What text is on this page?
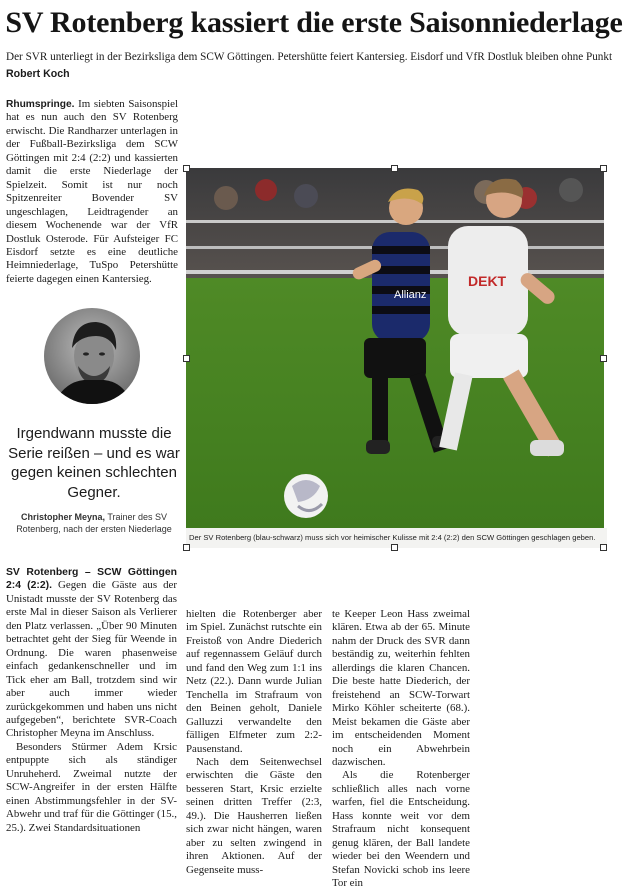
SV Rotenberg kassiert die erste Saisonniederlage
Der SVR unterliegt in der Bezirksliga dem SCW Göttingen. Petershütte feiert Kantersieg. Eisdorf und VfR Dostluk bleiben ohne Punkt
Robert Koch

Rhumspringe. Im siebten Saisonspiel hat es nun auch den SV Rotenberg erwischt. Die Randharzer unterlagen in der Fußball-Bezirksliga dem SCW Göttingen mit 2:4 (2:2) und kassierten damit die erste Niederlage der Spielzeit. Somit ist nur noch Spitzenreiter Bovender SV ungeschlagen, Leidtragender an diesem Wochenende war der VfR Dostluk Osterode. Für Aufsteiger FC Eisdorf setzte es eine deutliche Heimniederlage, TuSpo Petershütte feierte dagegen einen Kantersieg.

Irgendwann musste die Serie reißen – und es war gegen keinen schlechten Gegner.
Christopher Meyna, Trainer des SV Rotenberg, nach der ersten Niederlage
Allianz
DEKT
Der SV Rotenberg (blau-schwarz) muss sich vor heimischer Kulisse mit 2:4 (2:2) den SCW Göttingen geschlagen geben.

SV Rotenberg – SCW Göttingen 2:4 (2:2). Gegen die Gäste aus der Unistadt musste der SV Rotenberg das erste Mal in dieser Saison als Verlierer den Platz verlassen. „Über 90 Minuten betrachtet geht der Sieg für Weende in Ordnung. Die waren phasenweise einfach gedankenschneller und im Tick eher am Ball, trotzdem sind wir aber auch immer wieder zurückgekommen und haben uns nicht aufgegeben“, berichtete SVR-Coach Christopher Meyna im Anschluss.

Besonders Stürmer Adem Krsic entpuppte sich als ständiger Unruheherd. Zweimal nutzte der SCW-Angreifer in der ersten Hälfte einen Abstimmungsfehler in der SV-Abwehr und traf für die Göttinger (15., 25.). Zwei Standardsituationen

hielten die Rotenberger aber im Spiel. Zunächst rutschte ein Freistoß von Andre Diederich auf regennassem Geläuf durch und fand den Weg zum 1:1 ins Netz (22.). Dann wurde Julian Tenchella im Strafraum von den Beinen geholt, Daniele Galluzzi verwandelte den fälligen Elfmeter zum 2:2-Pausenstand.

Nach dem Seitenwechsel erwischten die Gäste den besseren Start, Krsic erzielte seinen dritten Treffer (2:3, 49.). Die Hausherren ließen sich zwar nicht hängen, waren aber zu selten zwingend in ihren Aktionen. Auf der Gegenseite muss-

te Keeper Leon Hass zweimal klären. Etwa ab der 65. Minute nahm der Druck des SVR dann beständig zu, weiterhin fehlten allerdings die klaren Chancen. Die beste hatte Diederich, der freistehend an SCW-Torwart Mirko Köhler scheiterte (68.). Meist bekamen die Gäste aber im entscheidenden Moment noch ein Abwehrbein dazwischen.

Als die Rotenberger schließlich alles nach vorne warfen, fiel die Entscheidung. Hass konnte weit vor dem Strafraum nicht konsequent genug klären, der Ball landete wieder bei den Weendern und Stefan Novicki schob ins leere Tor ein
